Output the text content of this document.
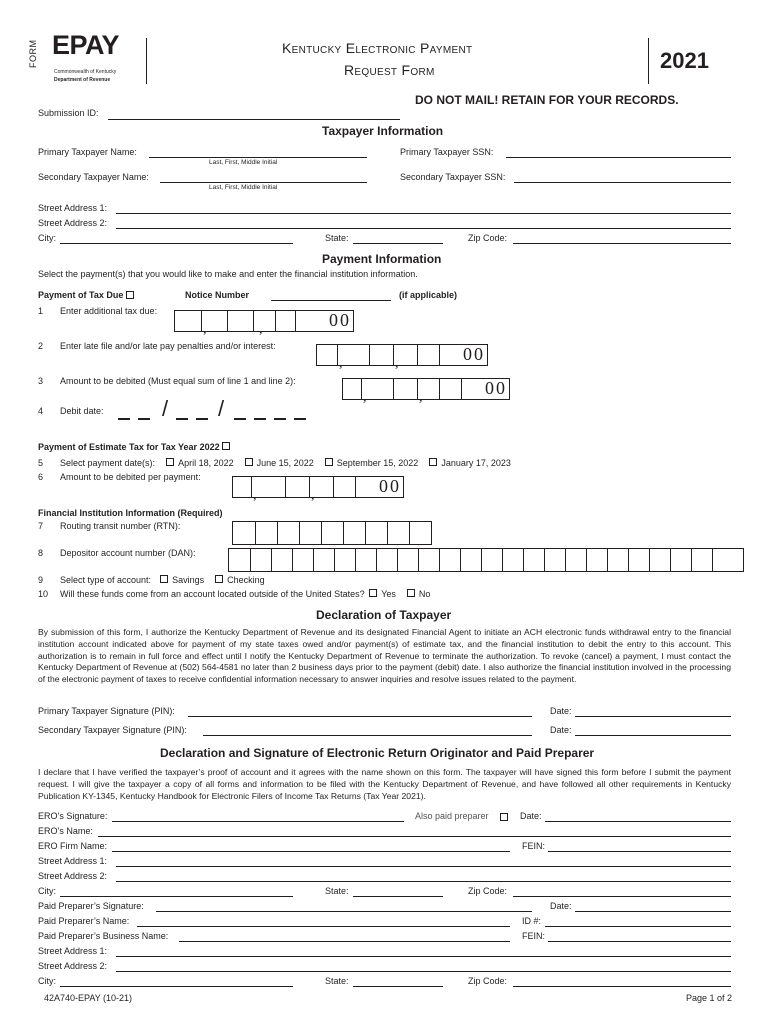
FORM EPAY
Commonwealth of Kentucky
Department of Revenue
Kentucky Electronic Payment
Request Form	2021
DO NOT MAIL! RETAIN FOR YOUR RECORDS.
Submission ID:
Taxpayer Information
Primary Taxpayer Name:	Primary Taxpayer SSN:
Last, First, Middle Initial
Secondary Taxpayer Name:	Secondary Taxpayer SSN:
Last, First, Middle Initial
Street Address 1:
Street Address 2:
City:	State:	Zip Code:
Payment Information
Select the payment(s) that you would like to make and enter the financial institution information.
Payment of Tax Due	Notice Number	(if applicable)
1 Enter additional tax due:
,	,	00
2 Enter late file and/or late pay penalties and/or interest:
,	,	00
3 Amount to be debited (Must equal sum of line 1 and line 2):
,	,	00
4 Debit date:	/ /
Payment of Estimate Tax for Tax Year 2022
5 Select payment date(s):	April 18, 2022	June 15, 2022	September 15, 2022	January 17, 2023
6 Amount to be debited per payment:
,	,	00
Financial Institution Information (Required)
7 Routing transit number (RTN):
8 Depositor account number (DAN):
9 Select type of account: Savings	Checking
10 Will these funds come from an account located outside of the United States? Yes	No
Declaration of Taxpayer
By submission of this form, I authorize the Kentucky Department of Revenue and its designated Financial Agent to initiate an ACH electronic funds withdrawal entry to the financial institution account indicated above for payment of my state taxes owed and/or payment(s) of estimate tax, and the financial institution to debit the entry to this account. This authorization is to remain in full force and effect until I notify the Kentucky Department of Revenue to terminate the authorization. To revoke (cancel) a payment, I must contact the Kentucky Department of Revenue at (502) 564-4581 no later than 2 business days prior to the payment (debit) date. I also authorize the financial institution involved in the processing of the electronic payment of taxes to receive confidential information necessary to answer inquiries and resolve issues related to the payment.
Primary Taxpayer Signature (PIN):	Date:
Secondary Taxpayer Signature (PIN):	Date:
Declaration and Signature of Electronic Return Originator and Paid Preparer
I declare that I have verified the taxpayer’s proof of account and it agrees with the name shown on this form. The taxpayer will have signed this form before I submit the payment request. I will give the taxpayer a copy of all forms and information to be filed with the Kentucky Department of Revenue, and have followed all other requirements in Kentucky Publication KY-1345, Kentucky Handbook for Electronic Filers of Income Tax Returns (Tax Year 2021).
ERO’s Signature:	Also paid preparer	Date:
ERO’s Name:
ERO Firm Name:	FEIN:
Street Address 1:
Street Address 2:
City:	State:	Zip Code:
Paid Preparer’s Signature:	Date:
Paid Preparer’s Name:	ID #:
Paid Preparer’s Business Name:	FEIN:
Street Address 1:
Street Address 2:
City:	State:	Zip Code:
42A740-EPAY (10-21)	Page 1 of 2
